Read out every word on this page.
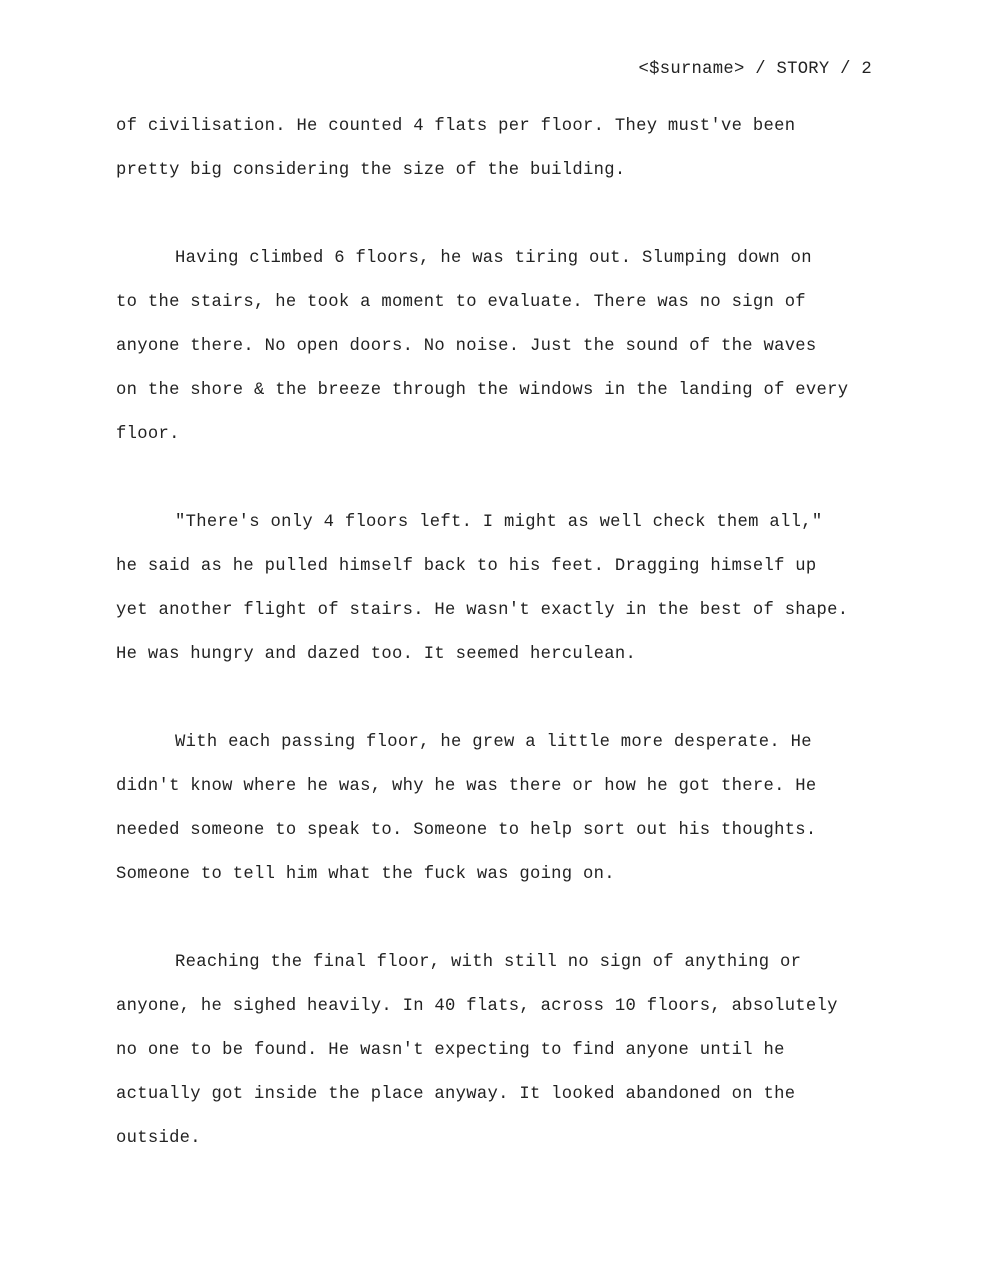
<$surname> / STORY / 2
of civilisation. He counted 4 flats per floor. They must've been
pretty big considering the size of the building.
Having climbed 6 floors, he was tiring out. Slumping down on
to the stairs, he took a moment to evaluate. There was no sign of
anyone there. No open doors. No noise. Just the sound of the waves
on the shore & the breeze through the windows in the landing of every
floor.
"There's only 4 floors left. I might as well check them all,"
he said as he pulled himself back to his feet. Dragging himself up
yet another flight of stairs. He wasn't exactly in the best of shape.
He was hungry and dazed too. It seemed herculean.
With each passing floor, he grew a little more desperate. He
didn't know where he was, why he was there or how he got there. He
needed someone to speak to. Someone to help sort out his thoughts.
Someone to tell him what the fuck was going on.
Reaching the final floor, with still no sign of anything or
anyone, he sighed heavily. In 40 flats, across 10 floors, absolutely
no one to be found. He wasn't expecting to find anyone until he
actually got inside the place anyway. It looked abandoned on the
outside.
